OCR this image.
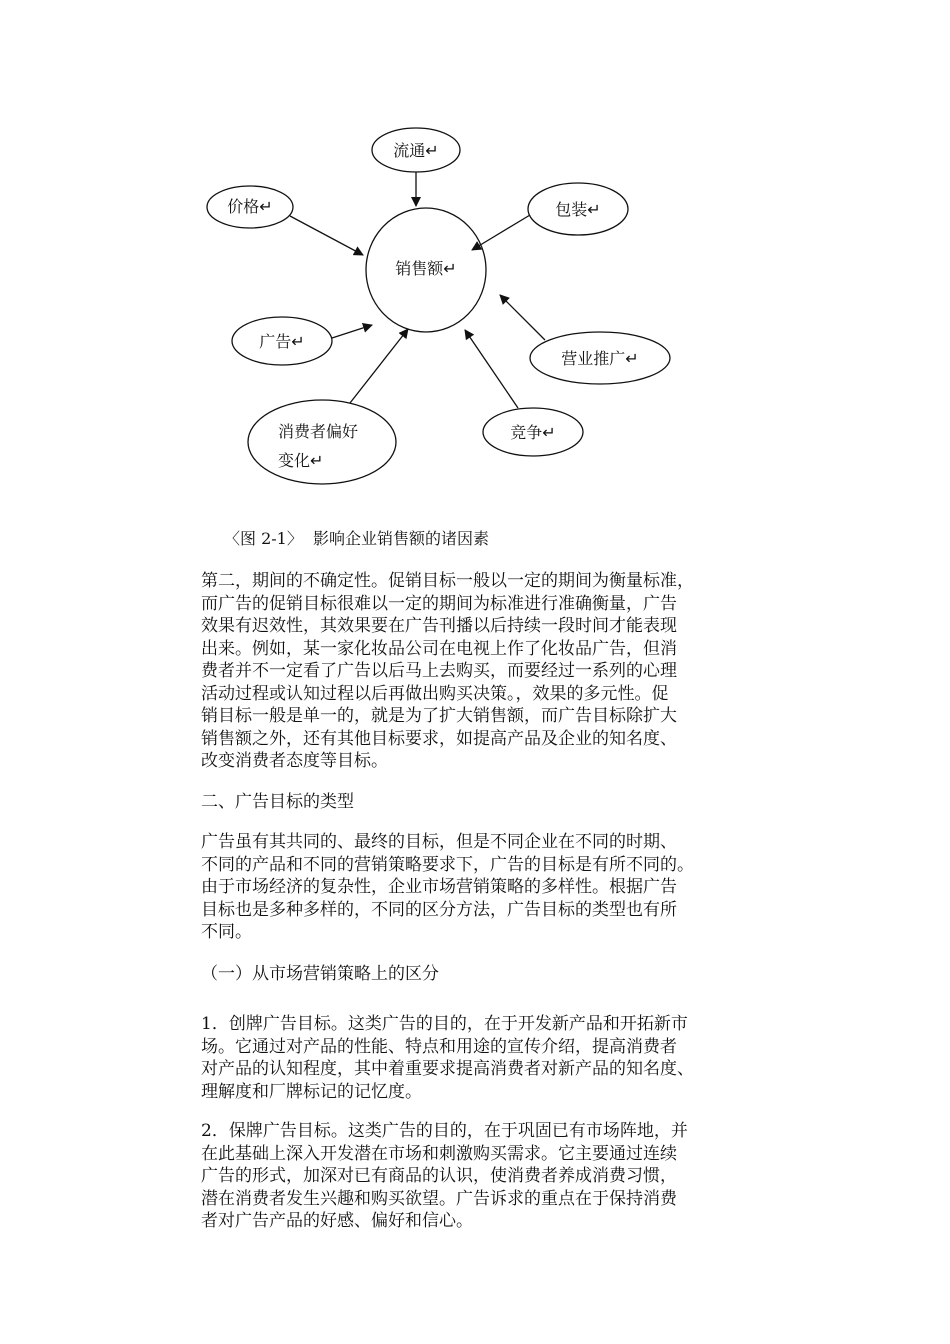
销售额↵
流通↵
价格↵	包装↵
广告↵
营业推广↵
消费者偏好
变化↵
竞争↵
〈图 2-1〉  影响企业销售额的诸因素

第二，期间的不确定性。促销目标一般以一定的期间为衡量标准，
而广告的促销目标很难以一定的期间为标准进行准确衡量，广告
效果有迟效性，其效果要在广告刊播以后持续一段时间才能表现
出来。例如，某一家化妆品公司在电视上作了化妆品广告，但消
费者并不一定看了广告以后马上去购买，而要经过一系列的心理
活动过程或认知过程以后再做出购买决策。，效果的多元性。促
销目标一般是单一的，就是为了扩大销售额，而广告目标除扩大
销售额之外，还有其他目标要求，如提高产品及企业的知名度、
改变消费者态度等目标。

二、广告目标的类型

广告虽有其共同的、最终的目标，但是不同企业在不同的时期、
不同的产品和不同的营销策略要求下，广告的目标是有所不同的。
由于市场经济的复杂性，企业市场营销策略的多样性。根据广告
目标也是多种多样的，不同的区分方法，广告目标的类型也有所
不同。

（一）从市场营销策略上的区分

1．创牌广告目标。这类广告的目的，在于开发新产品和开拓新市
场。它通过对产品的性能、特点和用途的宣传介绍，提高消费者
对产品的认知程度，其中着重要求提高消费者对新产品的知名度、
理解度和厂牌标记的记忆度。

2．保牌广告目标。这类广告的目的，在于巩固已有市场阵地，并
在此基础上深入开发潜在市场和刺激购买需求。它主要通过连续
广告的形式，加深对已有商品的认识，使消费者养成消费习惯，
潜在消费者发生兴趣和购买欲望。广告诉求的重点在于保持消费
者对广告产品的好感、偏好和信心。
